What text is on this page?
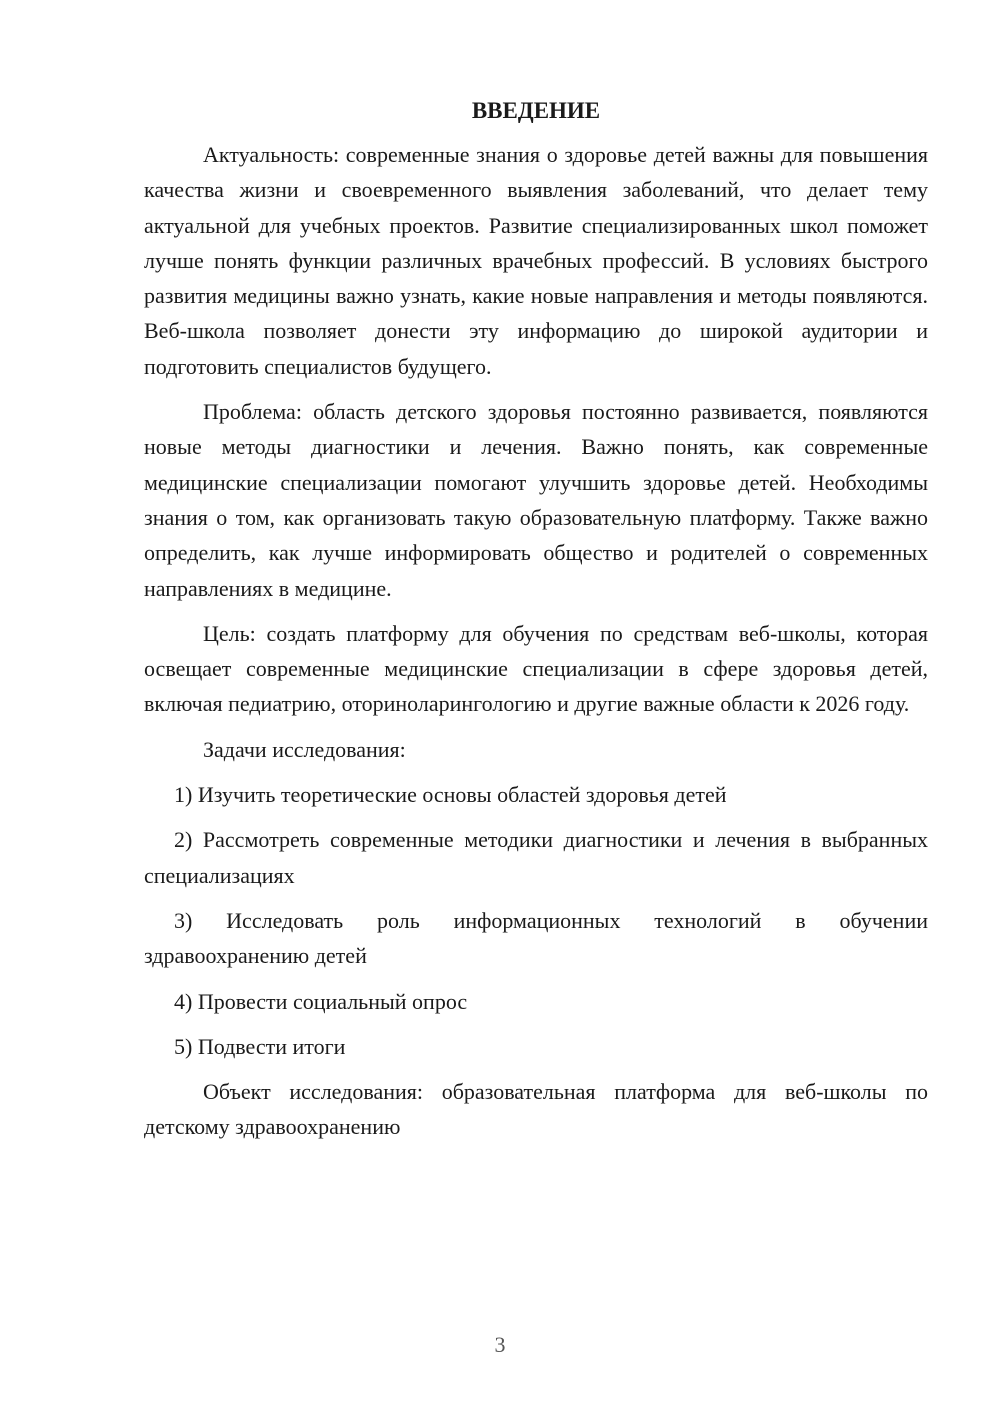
ВВЕДЕНИЕ

Актуальность: современные знания о здоровье детей важны для повышения качества жизни и своевременного выявления заболеваний, что делает тему актуальной для учебных проектов. Развитие специализированных школ поможет лучше понять функции различных врачебных профессий. В условиях быстрого развития медицины важно узнать, какие новые направления и методы появляются. Веб-школа позволяет донести эту информацию до широкой аудитории и подготовить специалистов будущего.

Проблема: область детского здоровья постоянно развивается, появляются новые методы диагностики и лечения. Важно понять, как современные медицинские специализации помогают улучшить здоровье детей. Необходимы знания о том, как организовать такую образовательную платформу. Также важно определить, как лучше информировать общество и родителей о современных направлениях в медицине.

Цель: создать платформу для обучения по средствам веб-школы, которая освещает современные медицинские специализации в сфере здоровья детей, включая педиатрию, оториноларингологию и другие важные области к 2026 году.

Задачи исследования:

1) Изучить теоретические основы областей здоровья детей

2) Рассмотреть современные методики диагностики и лечения в выбранных специализациях

3) Исследовать роль информационных технологий в обучении здравоохранению детей

4) Провести социальный опрос

5) Подвести итоги

Объект исследования: образовательная платформа для веб-школы по детскому здравоохранению

3
